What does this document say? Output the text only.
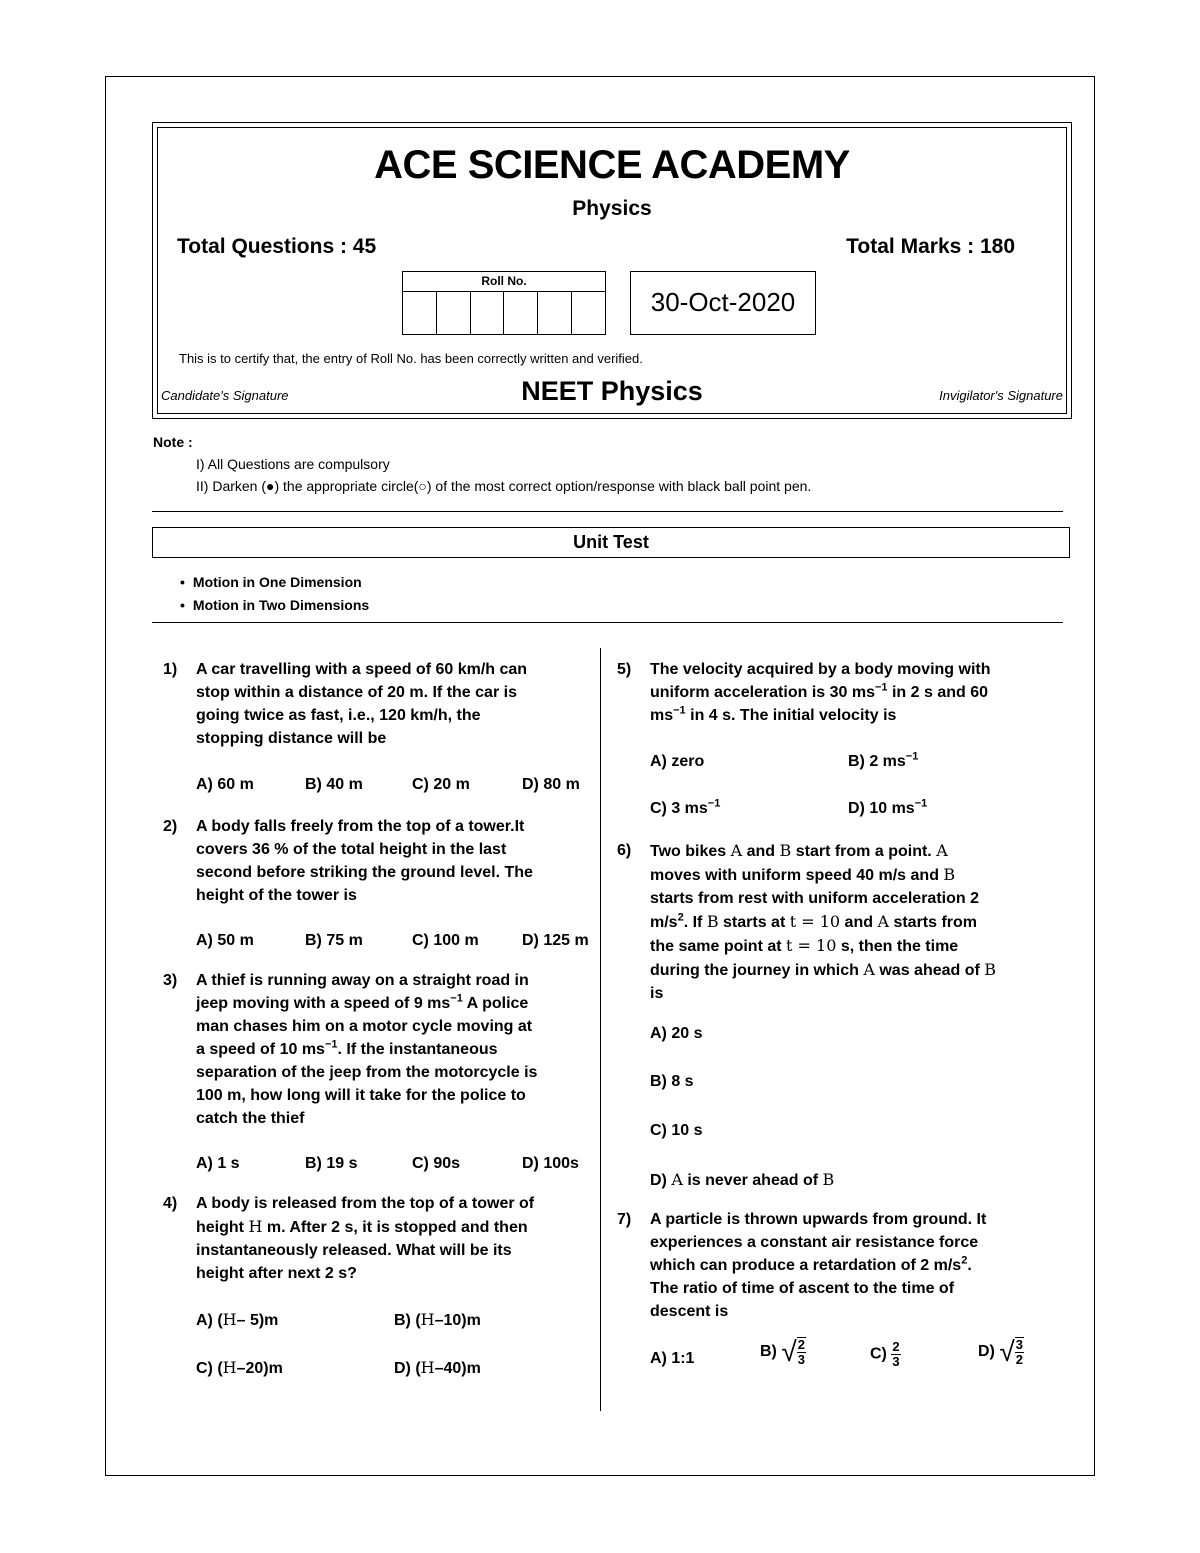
ACE SCIENCE ACADEMY
Physics
Total Questions : 45	Total Marks : 180
Roll No.
30-Oct-2020
This is to certify that, the entry of Roll No. has been correctly written and verified.
Candidate's Signature	NEET Physics	Invigilator's Signature
Note :
I) All Questions are compulsory
II) Darken (●) the appropriate circle(○) of the most correct option/response with black ball point pen.
Unit Test
• Motion in One Dimension
• Motion in Two Dimensions
1) A car travelling with a speed of 60 km/h can
stop within a distance of 20 m. If the car is
going twice as fast, i.e., 120 km/h, the
stopping distance will be
A) 60 m	B) 40 m	C) 20 m	D) 80 m
2) A body falls freely from the top of a tower.It
covers 36 % of the total height in the last
second before striking the ground level. The
height of the tower is
A) 50 m	B) 75 m	C) 100 m	D) 125 m
3) A thief is running away on a straight road in
jeep moving with a speed of 9 $ms^{-1}$ A police
man chases him on a motor cycle moving at
a speed of 10 $ms^{-1}$. If the instantaneous
separation of the jeep from the motorcycle is
100 m, how long will it take for the police to
catch the thief
A) 1 s	B) 19 s	C) 90s	D) 100s
4) A body is released from the top of a tower of
height H m. After 2 s, it is stopped and then
instantaneously released. What will be its
height after next 2 s?
A) (H– 5)m	B) (H–10)m
C) (H–20)m	D) (H–40)m
5) The velocity acquired by a body moving with
uniform acceleration is 30 $ms^{-1}$ in 2 s and 60
$ms^{-1}$ in 4 s. The initial velocity is
A) zero	B) 2 $ms^{-1}$
C) 3 $ms^{-1}$	D) 10 $ms^{-1}$
6) Two bikes A and B start from a point. A
moves with uniform speed 40 m/s and B
starts from rest with uniform acceleration 2
$m/s^2$. If B starts at t = 10 and A starts from
the same point at t = 10 s, then the time
during the journey in which A was ahead of B
is
A) 20 s
B) 8 s
C) 10 s
D) A is never ahead of B
7) A particle is thrown upwards from ground. It
experiences a constant air resistance force
which can produce a retardation of 2 $m/s^2$.
The ratio of time of ascent to the time of
descent is
A) 1:1	B) √ $\frac{2}{3}$	$C) \frac{2}{3}$	D) √ $\frac{3}{2}$
